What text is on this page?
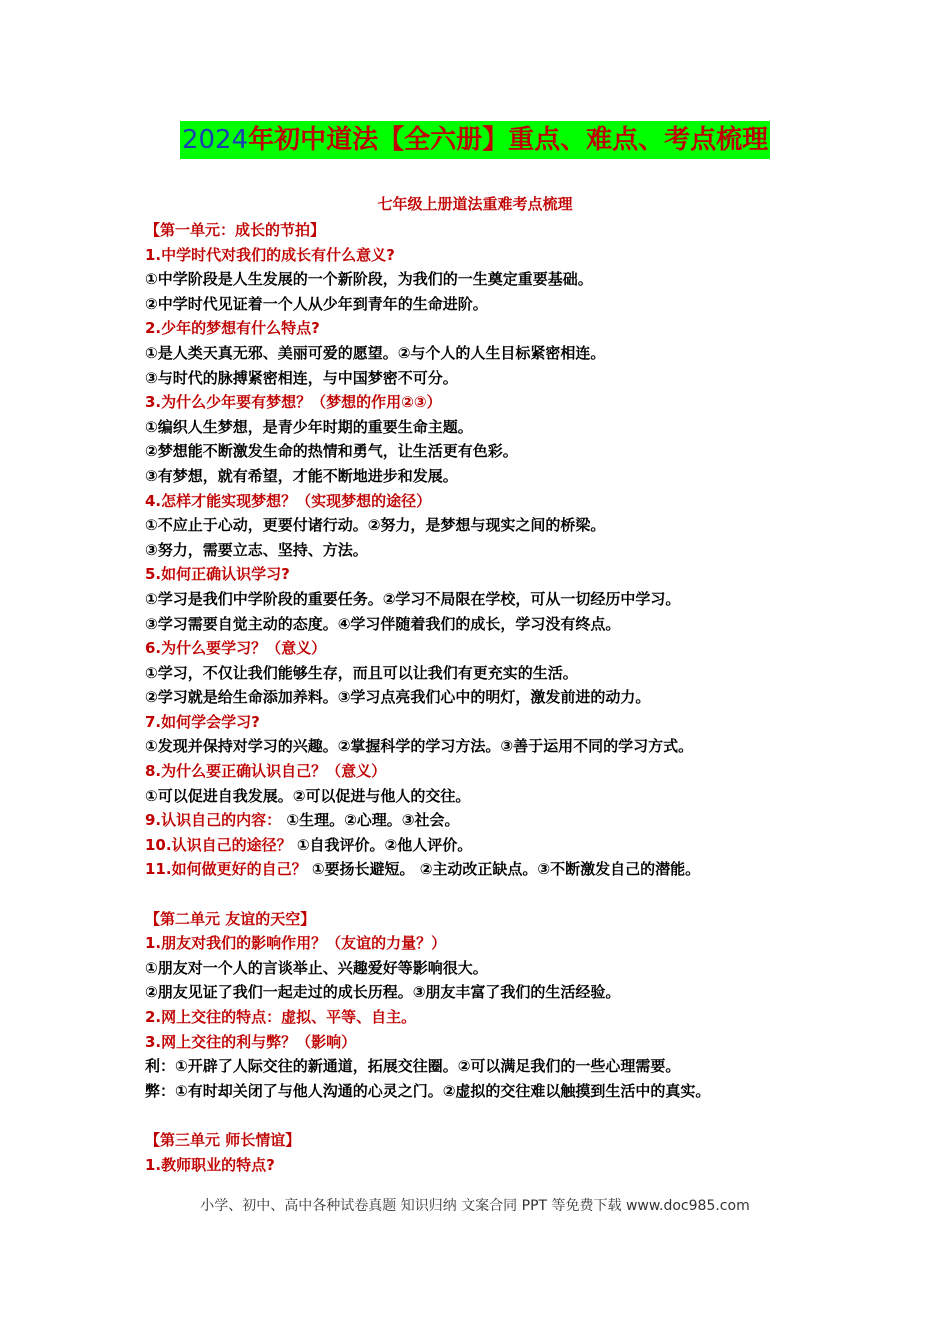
2024年初中道法【全六册】重点、难点、考点梳理
七年级上册道法重难考点梳理
【第一单元：成长的节拍】
1.中学时代对我们的成长有什么意义?
①中学阶段是人生发展的一个新阶段，为我们的一生奠定重要基础。
②中学时代见证着一个人从少年到青年的生命进阶。
2.少年的梦想有什么特点?
①是人类天真无邪、美丽可爱的愿望。②与个人的人生目标紧密相连。
③与时代的脉搏紧密相连，与中国梦密不可分。
3.为什么少年要有梦想？（梦想的作用②③）
①编织人生梦想，是青少年时期的重要生命主题。
②梦想能不断激发生命的热情和勇气，让生活更有色彩。
③有梦想，就有希望，才能不断地进步和发展。
4.怎样才能实现梦想？（实现梦想的途径）
①不应止于心动，更要付诸行动。②努力，是梦想与现实之间的桥梁。
③努力，需要立志、坚持、方法。
5.如何正确认识学习?
①学习是我们中学阶段的重要任务。②学习不局限在学校，可从一切经历中学习。
③学习需要自觉主动的态度。④学习伴随着我们的成长，学习没有终点。
6.为什么要学习？（意义）
①学习，不仅让我们能够生存，而且可以让我们有更充实的生活。
②学习就是给生命添加养料。③学习点亮我们心中的明灯，激发前进的动力。
7.如何学会学习?
①发现并保持对学习的兴趣。②掌握科学的学习方法。③善于运用不同的学习方式。
8.为什么要正确认识自己？（意义）
①可以促进自我发展。②可以促进与他人的交往。
9.认识自己的内容： ①生理。②心理。③社会。
10.认识自己的途径？ ①自我评价。②他人评价。
11.如何做更好的自己？ ①要扬长避短。 ②主动改正缺点。③不断激发自己的潜能。
【第二单元 友谊的天空】
1.朋友对我们的影响作用？（友谊的力量？）
①朋友对一个人的言谈举止、兴趣爱好等影响很大。
②朋友见证了我们一起走过的成长历程。③朋友丰富了我们的生活经验。
2.网上交往的特点：虚拟、平等、自主。
3.网上交往的利与弊？（影响）
利：①开辟了人际交往的新通道，拓展交往圈。②可以满足我们的一些心理需要。
弊：①有时却关闭了与他人沟通的心灵之门。②虚拟的交往难以触摸到生活中的真实。
【第三单元 师长情谊】
1.教师职业的特点?
小学、初中、高中各种试卷真题 知识归纳 文案合同 PPT 等免费下载 www.doc985.com
